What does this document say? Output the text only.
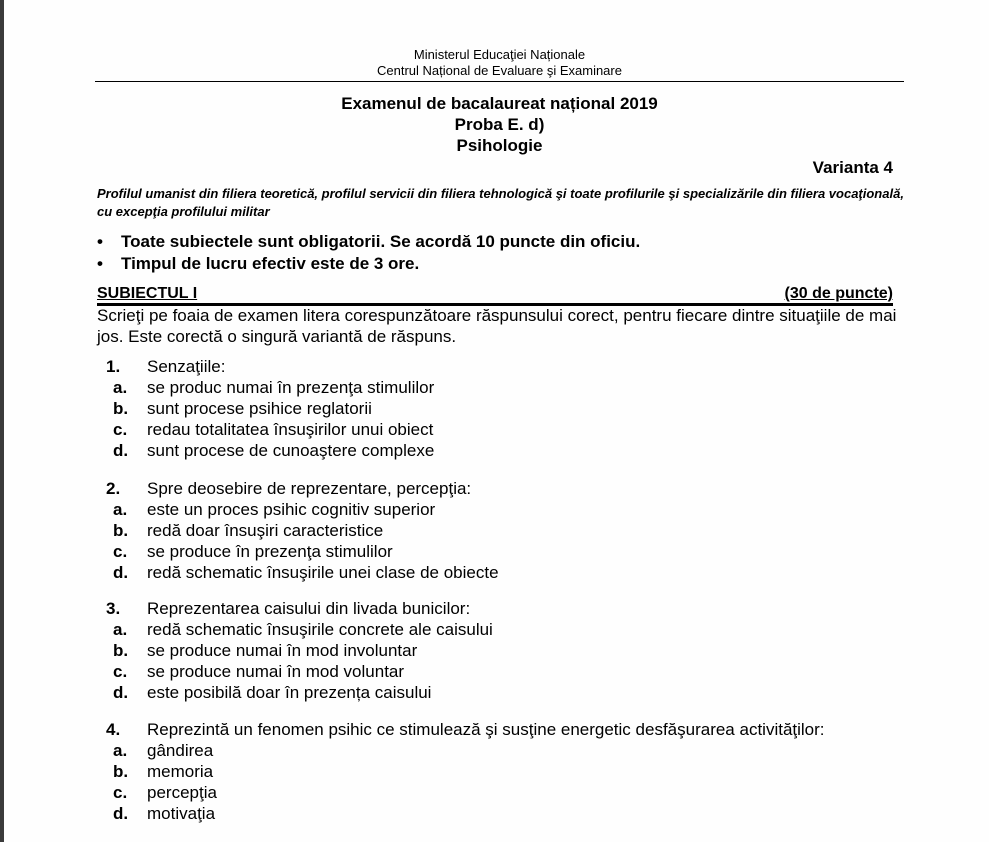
Ministerul Educaţiei Naționale
Centrul Național de Evaluare şi Examinare
Examenul de bacalaureat național 2019
Proba E. d)
Psihologie
Varianta 4
Profilul umanist din filiera teoretică, profilul servicii din filiera tehnologică şi toate profilurile şi specializările din filiera vocaţională, cu excepţia profilului militar
• Toate subiectele sunt obligatorii. Se acordă 10 puncte din oficiu.
• Timpul de lucru efectiv este de 3 ore.
SUBIECTUL I	(30 de puncte)
Scrieţi pe foaia de examen litera corespunzătoare răspunsului corect, pentru fiecare dintre situaţiile de mai jos. Este corectă o singură variantă de răspuns.
1. Senzaţiile:
a. se produc numai în prezenţa stimulilor
b. sunt procese psihice reglatorii
c. redau totalitatea însuşirilor unui obiect
d. sunt procese de cunoaştere complexe
2. Spre deosebire de reprezentare, percepţia:
a. este un proces psihic cognitiv superior
b. redă doar însuşiri caracteristice
c. se produce în prezenţa stimulilor
d. redă schematic însuşirile unei clase de obiecte
3. Reprezentarea caisului din livada bunicilor:
a. redă schematic însuşirile concrete ale caisului
b. se produce numai în mod involuntar
c. se produce numai în mod voluntar
d. este posibilă doar în prezența caisului
4. Reprezintă un fenomen psihic ce stimulează şi susţine energetic desfăşurarea activităţilor:
a. gândirea
b. memoria
c. percepţia
d. motivaţia
